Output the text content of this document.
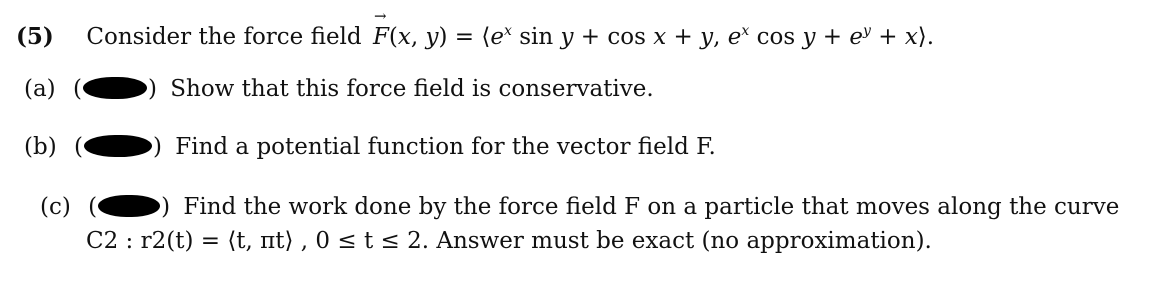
(5) Consider the force field F
→
(x, $y) = ⟨e^x$ sin y + cos x + y, $e^x$ $\cos y + e^y$ + x⟩.
(a) (	) Show that this force field is conservative.
(b) (	) Find a potential function for the vector field F.
(c) (	) Find the work done by the force field F on a particle that moves along the curve
C2 : r2(t) = ⟨t, πt⟩ , 0 ≤ t ≤ 2. Answer must be exact (no approximation).
